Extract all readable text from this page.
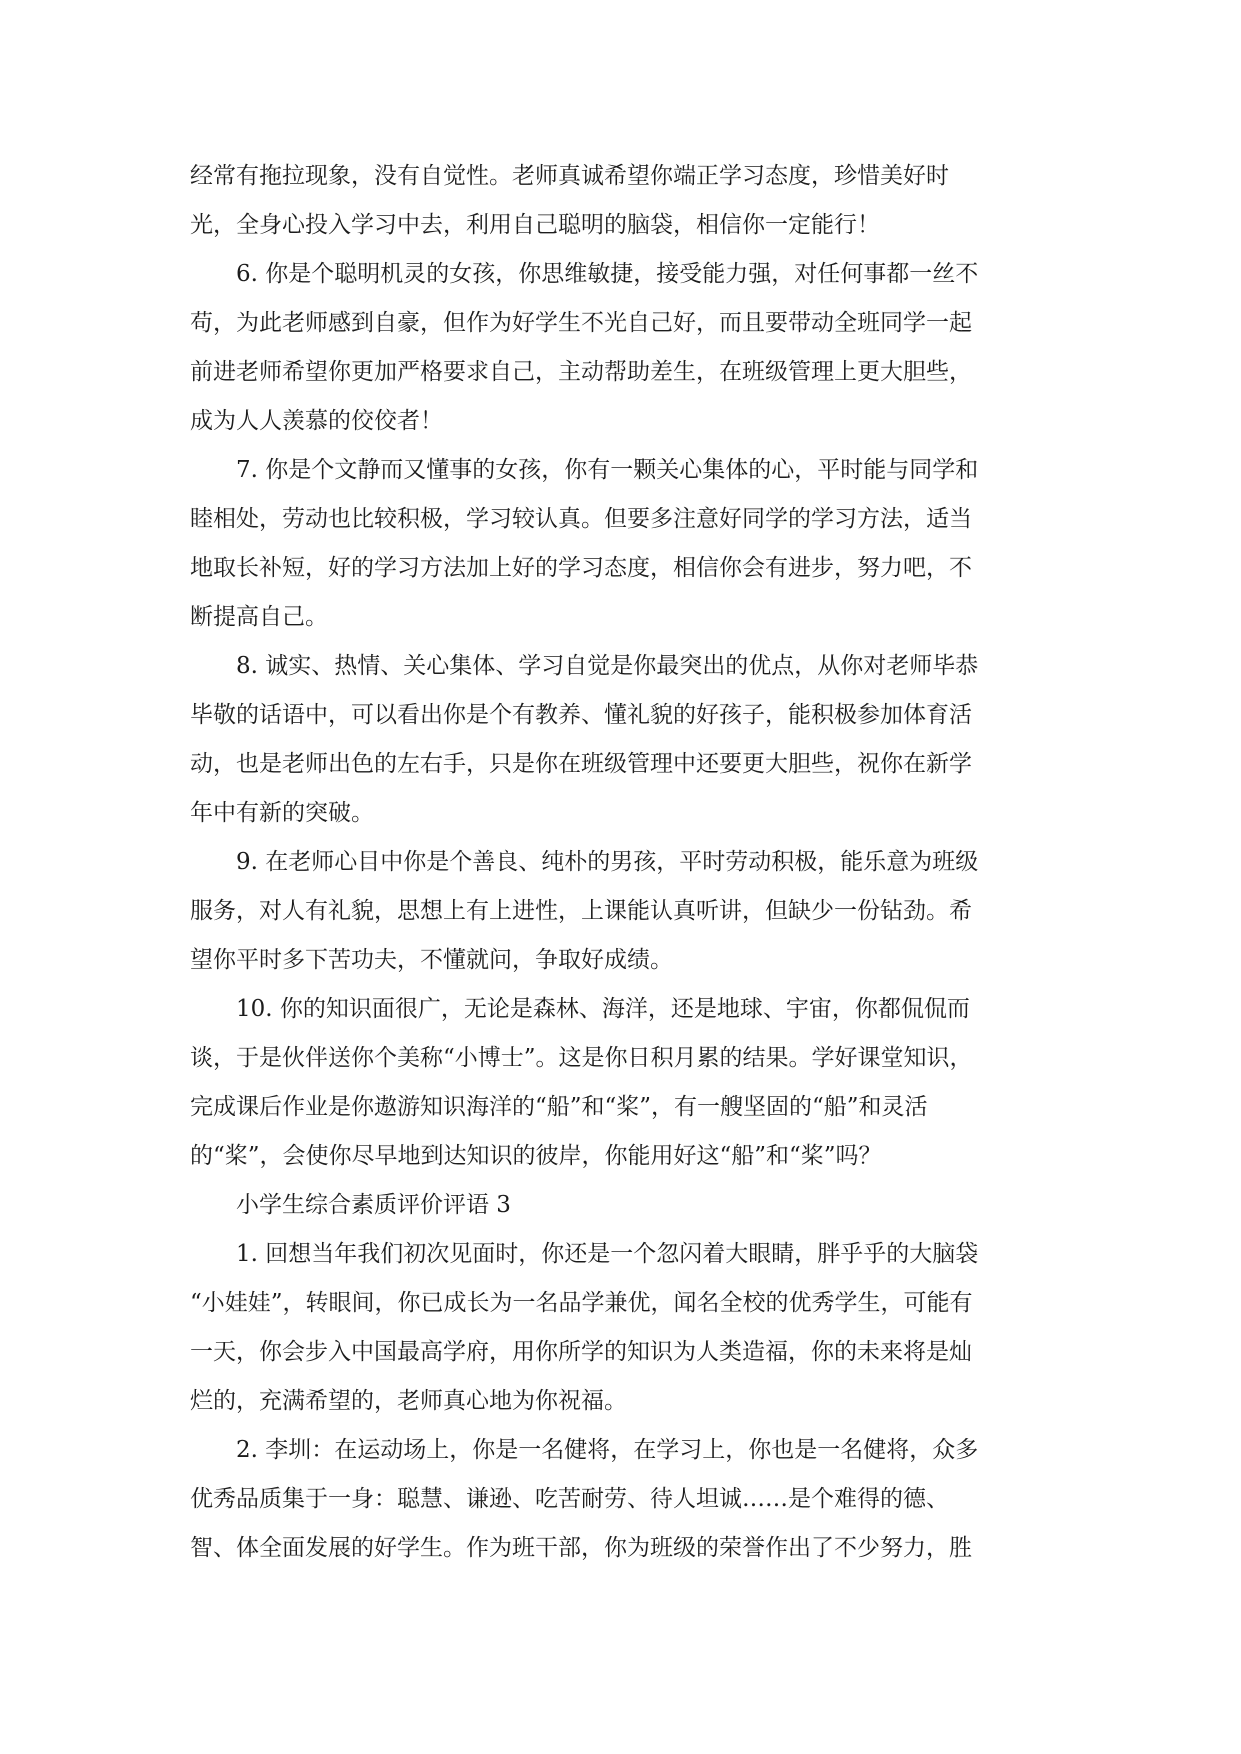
经常有拖拉现象，没有自觉性。老师真诚希望你端正学习态度，珍惜美好时
光，全身心投入学习中去，利用自己聪明的脑袋，相信你一定能行！
　　6. 你是个聪明机灵的女孩，你思维敏捷，接受能力强，对任何事都一丝不
苟，为此老师感到自豪，但作为好学生不光自己好，而且要带动全班同学一起
前进老师希望你更加严格要求自己，主动帮助差生，在班级管理上更大胆些，
成为人人羡慕的佼佼者！
　　7. 你是个文静而又懂事的女孩，你有一颗关心集体的心，平时能与同学和
睦相处，劳动也比较积极，学习较认真。但要多注意好同学的学习方法，适当
地取长补短，好的学习方法加上好的学习态度，相信你会有进步，努力吧，不
断提高自己。
　　8. 诚实、热情、关心集体、学习自觉是你最突出的优点，从你对老师毕恭
毕敬的话语中，可以看出你是个有教养、懂礼貌的好孩子，能积极参加体育活
动，也是老师出色的左右手，只是你在班级管理中还要更大胆些，祝你在新学
年中有新的突破。
　　9. 在老师心目中你是个善良、纯朴的男孩，平时劳动积极，能乐意为班级
服务，对人有礼貌，思想上有上进性，上课能认真听讲，但缺少一份钻劲。希
望你平时多下苦功夫，不懂就问，争取好成绩。
　　10. 你的知识面很广，无论是森林、海洋，还是地球、宇宙，你都侃侃而
谈，于是伙伴送你个美称“小博士”。这是你日积月累的结果。学好课堂知识，
完成课后作业是你遨游知识海洋的“船”和“桨”，有一艘坚固的“船”和灵活
的“桨”，会使你尽早地到达知识的彼岸，你能用好这“船”和“桨”吗？
　　小学生综合素质评价评语 3
　　1. 回想当年我们初次见面时，你还是一个忽闪着大眼睛，胖乎乎的大脑袋
“小娃娃”，转眼间，你已成长为一名品学兼优，闻名全校的优秀学生，可能有
一天，你会步入中国最高学府，用你所学的知识为人类造福，你的未来将是灿
烂的，充满希望的，老师真心地为你祝福。
　　2. 李圳：在运动场上，你是一名健将，在学习上，你也是一名健将，众多
优秀品质集于一身：聪慧、谦逊、吃苦耐劳、待人坦诚……是个难得的德、
智、体全面发展的好学生。作为班干部，你为班级的荣誉作出了不少努力，胜
